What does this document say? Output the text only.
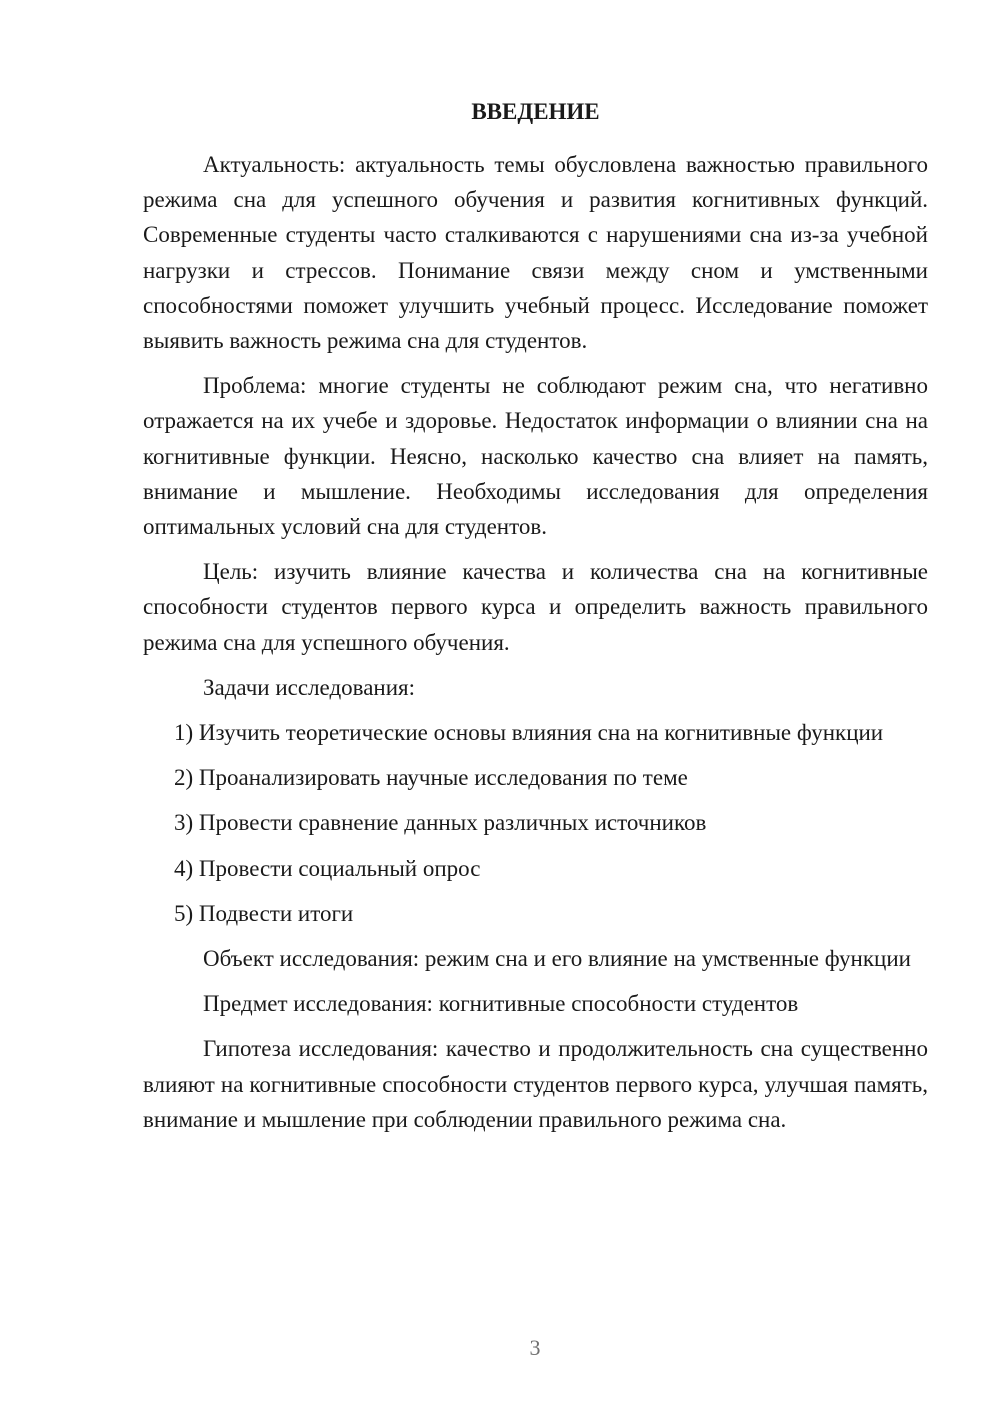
ВВЕДЕНИЕ

Актуальность: актуальность темы обусловлена важностью правильного режима сна для успешного обучения и развития когнитивных функций. Современные студенты часто сталкиваются с нарушениями сна из-за учебной нагрузки и стрессов. Понимание связи между сном и умственными способностями поможет улучшить учебный процесс. Исследование поможет выявить важность режима сна для студентов.

Проблема: многие студенты не соблюдают режим сна, что негативно отражается на их учебе и здоровье. Недостаток информации о влиянии сна на когнитивные функции. Неясно, насколько качество сна влияет на память, внимание и мышление. Необходимы исследования для определения оптимальных условий сна для студентов.

Цель: изучить влияние качества и количества сна на когнитивные способности студентов первого курса и определить важность правильного режима сна для успешного обучения.

Задачи исследования:

1) Изучить теоретические основы влияния сна на когнитивные функции

2) Проанализировать научные исследования по теме

3) Провести сравнение данных различных источников

4) Провести социальный опрос

5) Подвести итоги

Объект исследования: режим сна и его влияние на умственные функции

Предмет исследования: когнитивные способности студентов

Гипотеза исследования: качество и продолжительность сна существенно влияют на когнитивные способности студентов первого курса, улучшая память, внимание и мышление при соблюдении правильного режима сна.

3
